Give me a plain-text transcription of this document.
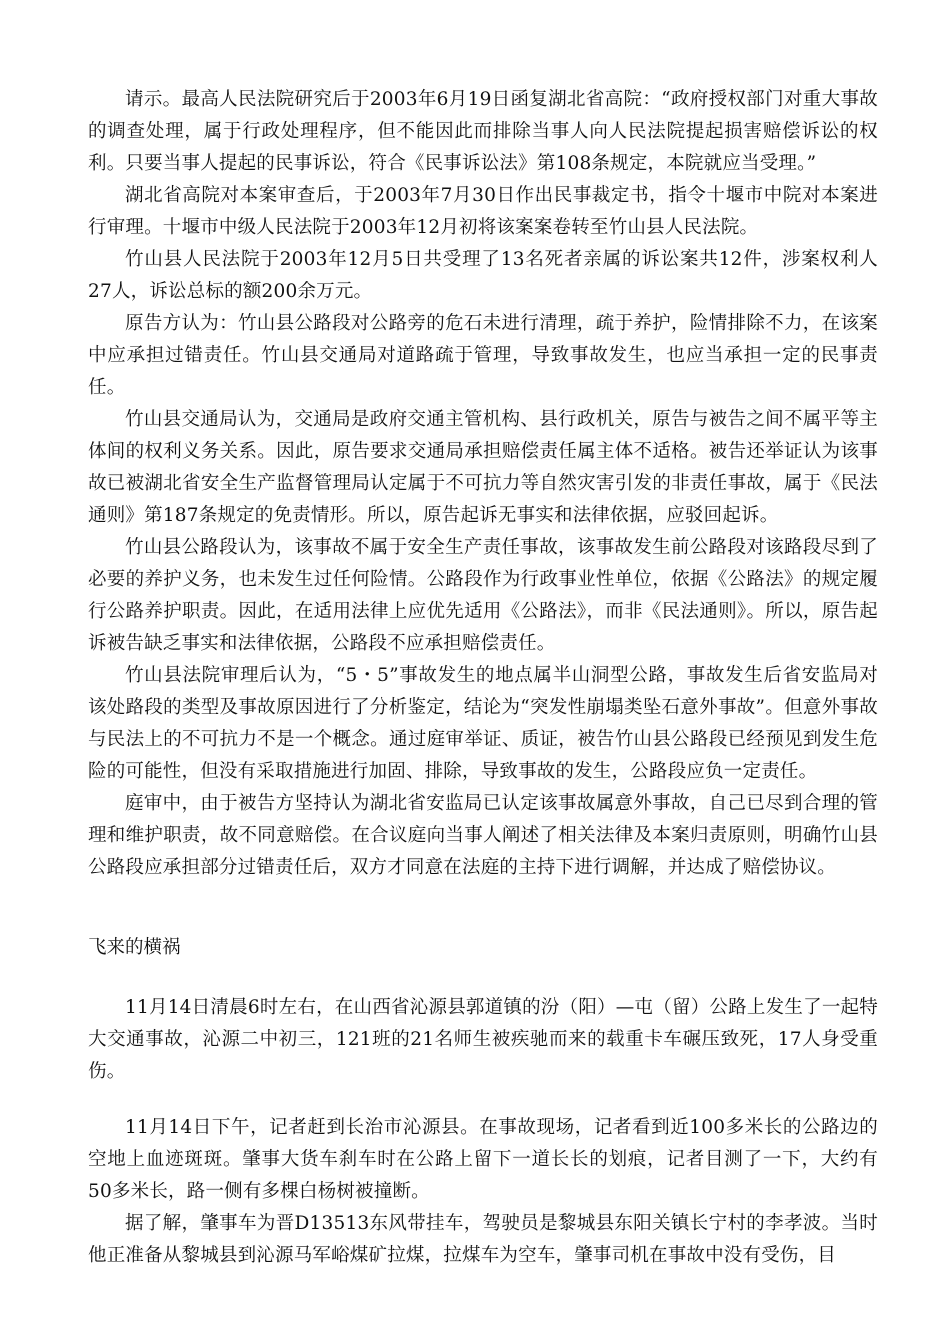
请示。最高人民法院研究后于2003年6月19日函复湖北省高院：“政府授权部门对重大事故的调查处理，属于行政处理程序，但不能因此而排除当事人向人民法院提起损害赔偿诉讼的权利。只要当事人提起的民事诉讼，符合《民事诉讼法》第108条规定，本院就应当受理。”

湖北省高院对本案审查后，于2003年7月30日作出民事裁定书，指令十堰市中院对本案进行审理。十堰市中级人民法院于2003年12月初将该案案卷转至竹山县人民法院。

竹山县人民法院于2003年12月5日共受理了13名死者亲属的诉讼案共12件，涉案权利人27人，诉讼总标的额200余万元。

原告方认为：竹山县公路段对公路旁的危石未进行清理，疏于养护，险情排除不力，在该案中应承担过错责任。竹山县交通局对道路疏于管理，导致事故发生，也应当承担一定的民事责任。

竹山县交通局认为，交通局是政府交通主管机构、县行政机关，原告与被告之间不属平等主体间的权利义务关系。因此，原告要求交通局承担赔偿责任属主体不适格。被告还举证认为该事故已被湖北省安全生产监督管理局认定属于不可抗力等自然灾害引发的非责任事故，属于《民法通则》第187条规定的免责情形。所以，原告起诉无事实和法律依据，应驳回起诉。

竹山县公路段认为，该事故不属于安全生产责任事故，该事故发生前公路段对该路段尽到了必要的养护义务，也未发生过任何险情。公路段作为行政事业性单位，依据《公路法》的规定履行公路养护职责。因此，在适用法律上应优先适用《公路法》，而非《民法通则》。所以，原告起诉被告缺乏事实和法律依据，公路段不应承担赔偿责任。

竹山县法院审理后认为，“5・5”事故发生的地点属半山洞型公路，事故发生后省安监局对该处路段的类型及事故原因进行了分析鉴定，结论为“突发性崩塌类坠石意外事故”。但意外事故与民法上的不可抗力不是一个概念。通过庭审举证、质证，被告竹山县公路段已经预见到发生危险的可能性，但没有采取措施进行加固、排除，导致事故的发生，公路段应负一定责任。

庭审中，由于被告方坚持认为湖北省安监局已认定该事故属意外事故，自己已尽到合理的管理和维护职责，故不同意赔偿。在合议庭向当事人阐述了相关法律及本案归责原则，明确竹山县公路段应承担部分过错责任后，双方才同意在法庭的主持下进行调解，并达成了赔偿协议。

飞来的横祸

11月14日清晨6时左右，在山西省沁源县郭道镇的汾（阳）—屯（留）公路上发生了一起特大交通事故，沁源二中初三，121班的21名师生被疾驰而来的载重卡车碾压致死，17人身受重伤。

11月14日下午，记者赶到长治市沁源县。在事故现场，记者看到近100多米长的公路边的空地上血迹斑斑。肇事大货车刹车时在公路上留下一道长长的划痕，记者目测了一下，大约有50多米长，路一侧有多棵白杨树被撞断。

据了解，肇事车为晋D13513东风带挂车，驾驶员是黎城县东阳关镇长宁村的李孝波。当时他正准备从黎城县到沁源马军峪煤矿拉煤，拉煤车为空车，肇事司机在事故中没有受伤，目
